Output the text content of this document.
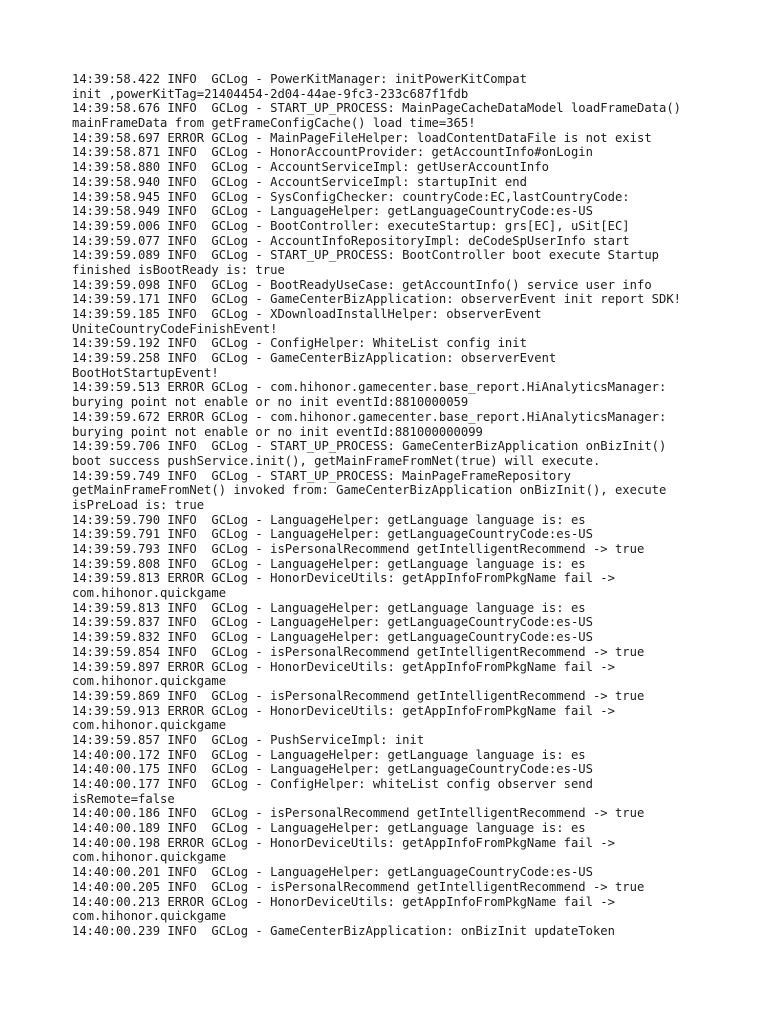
14:39:58.422 INFO  GCLog - PowerKitManager: initPowerKitCompat
init ,powerKitTag=21404454-2d04-44ae-9fc3-233c687f1fdb
14:39:58.676 INFO  GCLog - START_UP_PROCESS: MainPageCacheDataModel loadFrameData()
mainFrameData from getFrameConfigCache() load time=365!
14:39:58.697 ERROR GCLog - MainPageFileHelper: loadContentDataFile is not exist
14:39:58.871 INFO  GCLog - HonorAccountProvider: getAccountInfo#onLogin
14:39:58.880 INFO  GCLog - AccountServiceImpl: getUserAccountInfo
14:39:58.940 INFO  GCLog - AccountServiceImpl: startupInit end
14:39:58.945 INFO  GCLog - SysConfigChecker: countryCode:EC,lastCountryCode:
14:39:58.949 INFO  GCLog - LanguageHelper: getLanguageCountryCode:es-US
14:39:59.006 INFO  GCLog - BootController: executeStartup: grs[EC], uSit[EC]
14:39:59.077 INFO  GCLog - AccountInfoRepositoryImpl: deCodeSpUserInfo start
14:39:59.089 INFO  GCLog - START_UP_PROCESS: BootController boot execute Startup
finished isBootReady is: true
14:39:59.098 INFO  GCLog - BootReadyUseCase: getAccountInfo() service user info
14:39:59.171 INFO  GCLog - GameCenterBizApplication: observerEvent init report SDK!
14:39:59.185 INFO  GCLog - XDownloadInstallHelper: observerEvent
UniteCountryCodeFinishEvent!
14:39:59.192 INFO  GCLog - ConfigHelper: WhiteList config init
14:39:59.258 INFO  GCLog - GameCenterBizApplication: observerEvent
BootHotStartupEvent!
14:39:59.513 ERROR GCLog - com.hihonor.gamecenter.base_report.HiAnalyticsManager:
burying point not enable or no init eventId:8810000059
14:39:59.672 ERROR GCLog - com.hihonor.gamecenter.base_report.HiAnalyticsManager:
burying point not enable or no init eventId:881000000099
14:39:59.706 INFO  GCLog - START_UP_PROCESS: GameCenterBizApplication onBizInit()
boot success pushService.init(), getMainFrameFromNet(true) will execute.
14:39:59.749 INFO  GCLog - START_UP_PROCESS: MainPageFrameRepository
getMainFrameFromNet() invoked from: GameCenterBizApplication onBizInit(), execute
isPreLoad is: true
14:39:59.790 INFO  GCLog - LanguageHelper: getLanguage language is: es
14:39:59.791 INFO  GCLog - LanguageHelper: getLanguageCountryCode:es-US
14:39:59.793 INFO  GCLog - isPersonalRecommend getIntelligentRecommend -> true
14:39:59.808 INFO  GCLog - LanguageHelper: getLanguage language is: es
14:39:59.813 ERROR GCLog - HonorDeviceUtils: getAppInfoFromPkgName fail ->
com.hihonor.quickgame
14:39:59.813 INFO  GCLog - LanguageHelper: getLanguage language is: es
14:39:59.837 INFO  GCLog - LanguageHelper: getLanguageCountryCode:es-US
14:39:59.832 INFO  GCLog - LanguageHelper: getLanguageCountryCode:es-US
14:39:59.854 INFO  GCLog - isPersonalRecommend getIntelligentRecommend -> true
14:39:59.897 ERROR GCLog - HonorDeviceUtils: getAppInfoFromPkgName fail ->
com.hihonor.quickgame
14:39:59.869 INFO  GCLog - isPersonalRecommend getIntelligentRecommend -> true
14:39:59.913 ERROR GCLog - HonorDeviceUtils: getAppInfoFromPkgName fail ->
com.hihonor.quickgame
14:39:59.857 INFO  GCLog - PushServiceImpl: init
14:40:00.172 INFO  GCLog - LanguageHelper: getLanguage language is: es
14:40:00.175 INFO  GCLog - LanguageHelper: getLanguageCountryCode:es-US
14:40:00.177 INFO  GCLog - ConfigHelper: whiteList config observer send
isRemote=false
14:40:00.186 INFO  GCLog - isPersonalRecommend getIntelligentRecommend -> true
14:40:00.189 INFO  GCLog - LanguageHelper: getLanguage language is: es
14:40:00.198 ERROR GCLog - HonorDeviceUtils: getAppInfoFromPkgName fail ->
com.hihonor.quickgame
14:40:00.201 INFO  GCLog - LanguageHelper: getLanguageCountryCode:es-US
14:40:00.205 INFO  GCLog - isPersonalRecommend getIntelligentRecommend -> true
14:40:00.213 ERROR GCLog - HonorDeviceUtils: getAppInfoFromPkgName fail ->
com.hihonor.quickgame
14:40:00.239 INFO  GCLog - GameCenterBizApplication: onBizInit updateToken
